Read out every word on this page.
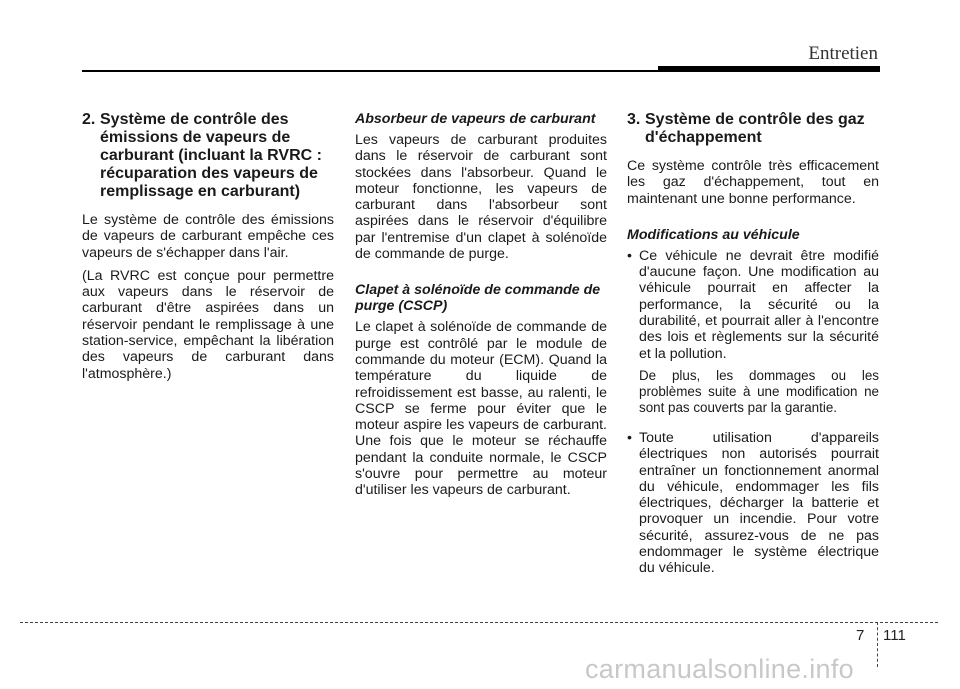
Entretien
2. Système de contrôle des émissions de vapeurs de carburant (incluant la RVRC : récuparation des vapeurs de remplissage en carburant)

Le système de contrôle des émissions de vapeurs de carburant empêche ces vapeurs de s'échapper dans l'air.

(La RVRC est conçue pour permettre aux vapeurs dans le réservoir de carburant d'être aspirées dans un réservoir pendant le remplissage à une station-service, empêchant la libération des vapeurs de carburant dans l'atmosphère.)

Absorbeur de vapeurs de carburant

Les vapeurs de carburant produites dans le réservoir de carburant sont stockées dans l'absorbeur. Quand le moteur fonctionne, les vapeurs de carburant dans l'absorbeur sont aspirées dans le réservoir d'équilibre par l'entremise d'un clapet à solénoïde de commande de purge.

Clapet à solénoïde de commande de purge (CSCP)

Le clapet à solénoïde de commande de purge est contrôlé par le module de commande du moteur (ECM). Quand la température du liquide de refroidissement est basse, au ralenti, le CSCP se ferme pour éviter que le moteur aspire les vapeurs de carburant. Une fois que le moteur se réchauffe pendant la conduite normale, le CSCP s'ouvre pour permettre au moteur d'utiliser les vapeurs de carburant.

3. Système de contrôle des gaz d'échappement

Ce système contrôle très efficacement les gaz d'échappement, tout en maintenant une bonne performance.

Modifications au véhicule
• Ce véhicule ne devrait être modifié d'aucune façon. Une modification au véhicule pourrait en affecter la performance, la sécurité ou la durabilité, et pourrait aller à l'encontre des lois et règlements sur la sécurité et la pollution.

De plus, les dommages ou les problèmes suite à une modification ne sont pas couverts par la garantie.

• Toute utilisation d'appareils électriques non autorisés pourrait entraîner un fonctionnement anormal du véhicule, endommager les fils électriques, décharger la batterie et provoquer un incendie. Pour votre sécurité, assurez-vous de ne pas endommager le système électrique du véhicule.

7 111
carmanualsonline.info
